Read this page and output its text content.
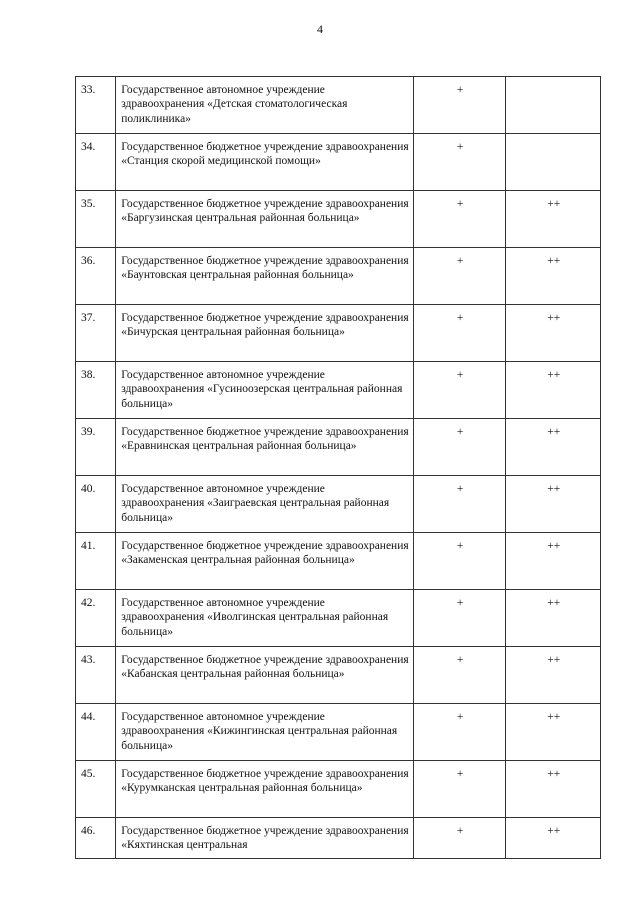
4
33.	Государственное автономное учреждение здравоохранения «Детская стоматологическая поликлиника»	+	
34.	Государственное бюджетное учреждение здравоохранения «Станция скорой медицинской помощи»	+	
35.	Государственное бюджетное учреждение здравоохранения «Баргузинская центральная районная больница»	+	++
36.	Государственное бюджетное учреждение здравоохранения «Баунтовская центральная районная больница»	+	++
37.	Государственное бюджетное учреждение здравоохранения «Бичурская центральная районная больница»	+	++
38.	Государственное автономное учреждение здравоохранения «Гусиноозерская центральная районная больница»	+	++
39.	Государственное бюджетное учреждение здравоохранения «Еравнинская центральная районная больница»	+	++
40.	Государственное автономное учреждение здравоохранения «Заиграевская центральная районная больница»	+	++
41.	Государственное бюджетное учреждение здравоохранения «Закаменская центральная районная больница»	+	++
42.	Государственное автономное учреждение здравоохранения «Иволгинская центральная районная больница»	+	++
43.	Государственное бюджетное учреждение здравоохранения «Кабанская центральная районная больница»	+	++
44.	Государственное автономное учреждение здравоохранения «Кижингинская центральная районная больница»	+	++
45.	Государственное бюджетное учреждение здравоохранения «Курумканская центральная районная больница»	+	++
46.	Государственное бюджетное учреждение здравоохранения «Кяхтинская центральная	+	++
